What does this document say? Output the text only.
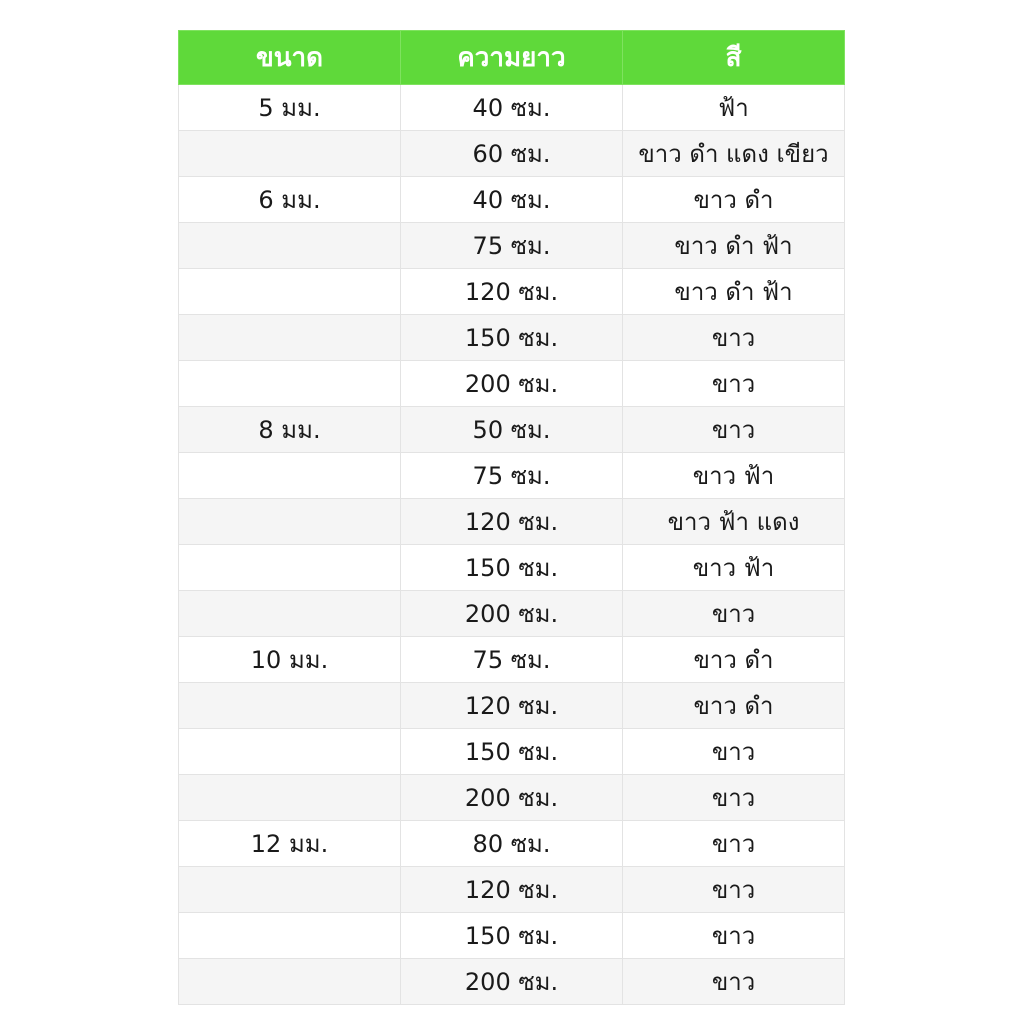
ขนาด	ความยาว	สี
5 มม.	40 ซม.	ฟ้า
	60 ซม.	ขาว ดำ แดง เขียว
6 มม.	40 ซม.	ขาว ดำ
	75 ซม.	ขาว ดำ ฟ้า
	120 ซม.	ขาว ดำ ฟ้า
	150 ซม.	ขาว
	200 ซม.	ขาว
8 มม.	50 ซม.	ขาว
	75 ซม.	ขาว ฟ้า
	120 ซม.	ขาว ฟ้า แดง
	150 ซม.	ขาว ฟ้า
	200 ซม.	ขาว
10 มม.	75 ซม.	ขาว ดำ
	120 ซม.	ขาว ดำ
	150 ซม.	ขาว
	200 ซม.	ขาว
12 มม.	80 ซม.	ขาว
	120 ซม.	ขาว
	150 ซม.	ขาว
	200 ซม.	ขาว
